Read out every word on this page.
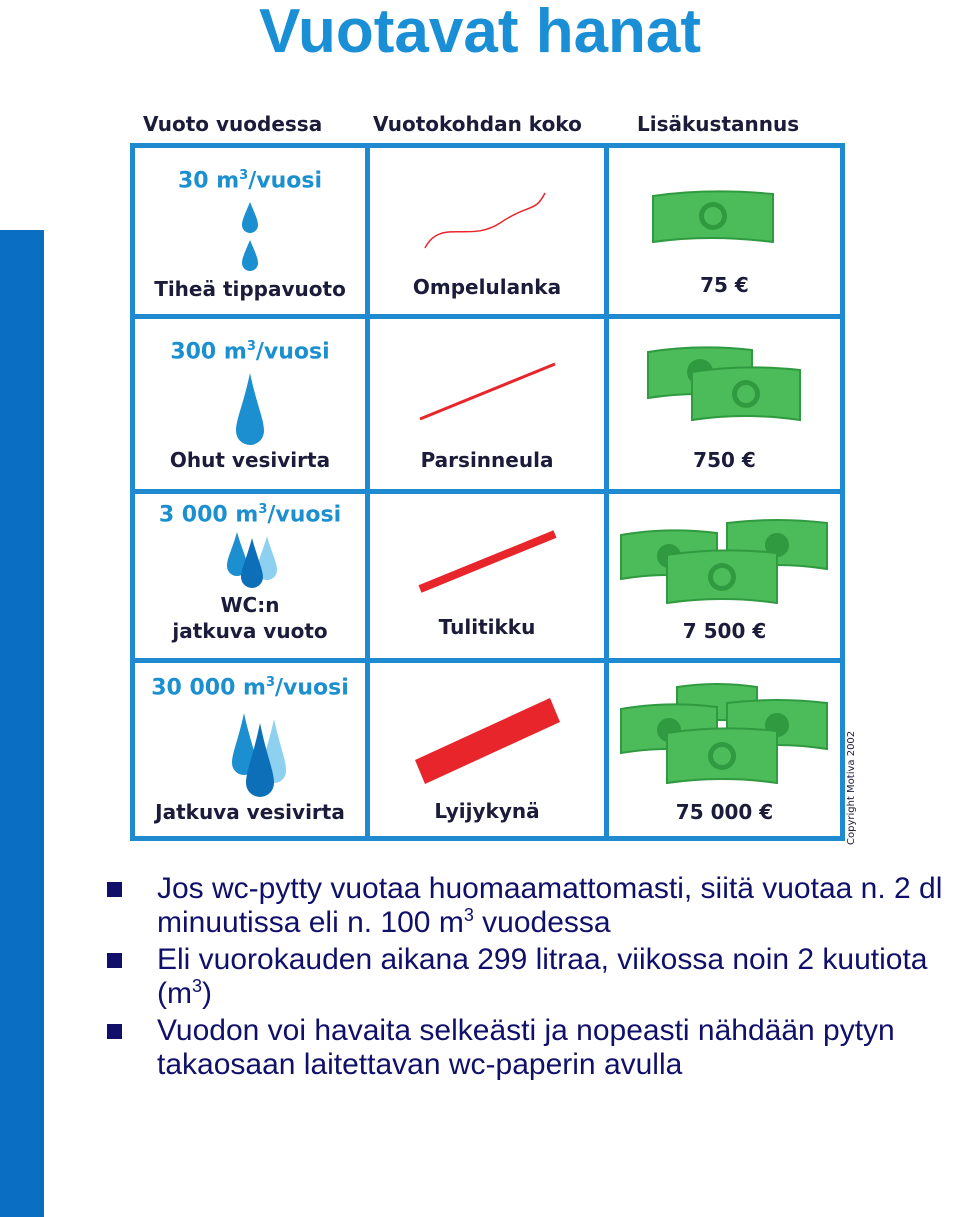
Vuotavat hanat
Vuoto vuodessa	Vuotokohdan koko	Lisäkustannus
30 $m^3$/vuosi
Tiheä tippavuoto	Ompelulanka	75 €
300 $m^3$/vuosi
Ohut vesivirta	Parsinneula	750 €
3 000 $m^3$/vuosi
WC:n
jatkuva vuoto	Tulitikku	7 500 €
30 000 $m^3$/vuosi
Jatkuva vesivirta	Lyijykynä	75 000 €	Copyright Motiva 2002
Jos wc-pytty vuotaa huomaamattomasti, siitä vuotaa n. 2 dl minuutissa eli n. 100 $m^3$ vuodessa
Eli vuorokauden aikana 299 litraa, viikossa noin 2 kuutiota $(m^3)$
Vuodon voi havaita selkeästi ja nopeasti nähdään pytyn takaosaan laitettavan wc-paperin avulla
